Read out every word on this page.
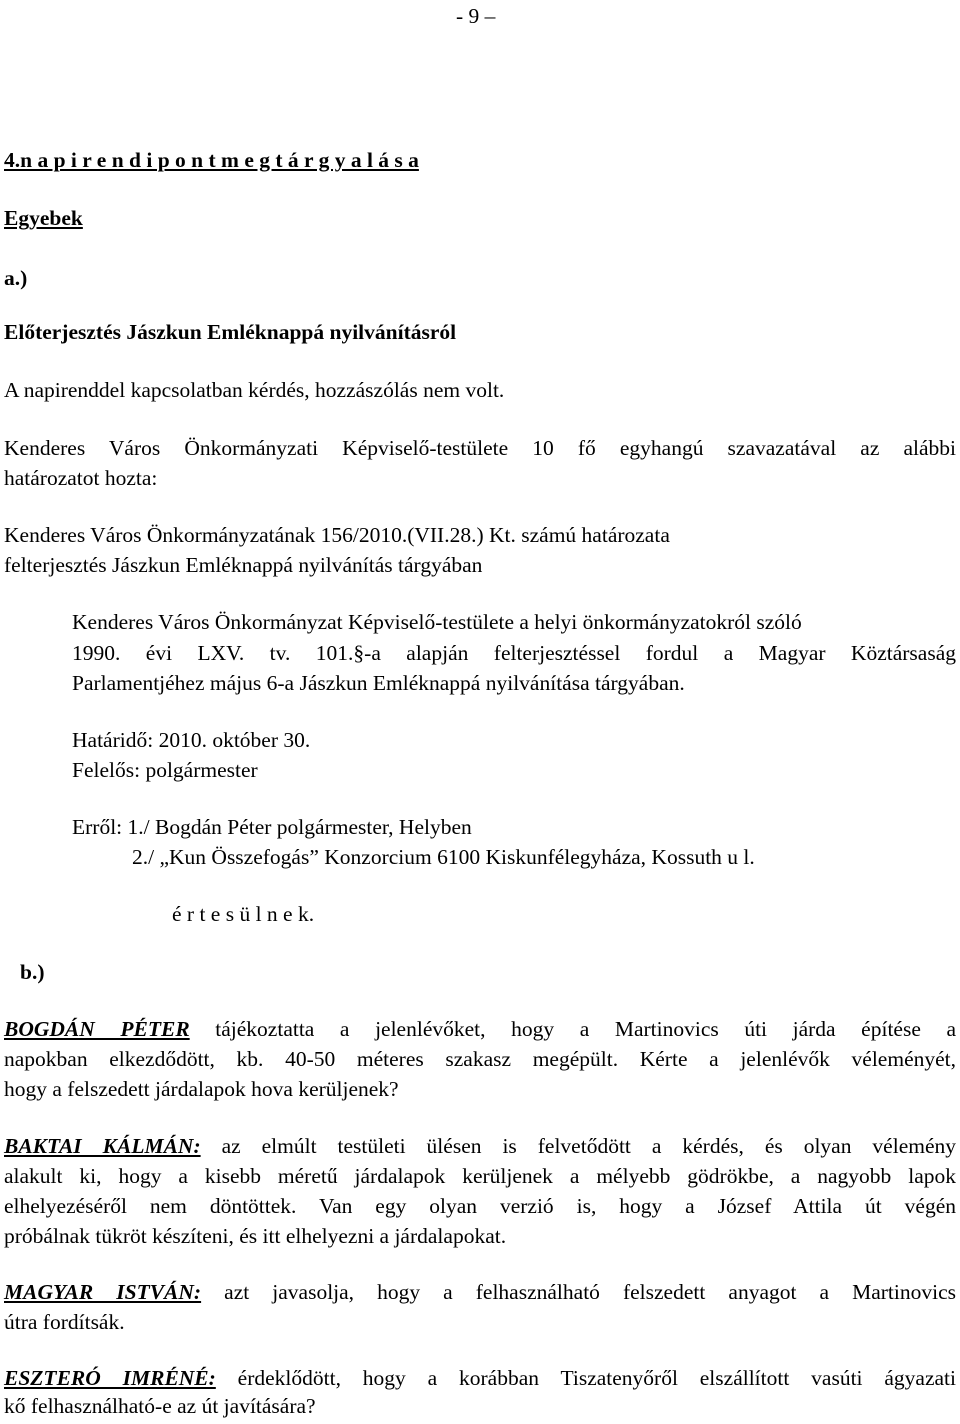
- 9 –
4.n a p i r e n d i p o n t m e g t á r g y a l á s a
Egyebek
a.)
Előterjesztés Jászkun Emléknappá nyilvánításról
A napirenddel kapcsolatban kérdés, hozzászólás nem volt.
Kenderes Város Önkormányzati Képviselő-testülete 10 fő egyhangú szavazatával az alábbi
határozatot hozta:
Kenderes Város Önkormányzatának 156/2010.(VII.28.) Kt. számú határozata
felterjesztés Jászkun Emléknappá nyilvánítás tárgyában
Kenderes Város Önkormányzat Képviselő-testülete a helyi önkormányzatokról szóló
1990. évi LXV. tv. 101.§-a alapján felterjesztéssel fordul a Magyar Köztársaság
Parlamentjéhez május 6-a Jászkun Emléknappá nyilvánítása tárgyában.
Határidő: 2010. október 30.
Felelős: polgármester
Erről: 1./ Bogdán Péter polgármester, Helyben
2./ „Kun Összefogás” Konzorcium 6100 Kiskunfélegyháza, Kossuth u l.
é r t e s ü l n e k.
b.)
BOGDÁN PÉTER tájékoztatta a jelenlévőket, hogy a Martinovics úti járda építése a
napokban elkezdődött, kb. 40-50 méteres szakasz megépült. Kérte a jelenlévők véleményét,
hogy a felszedett járdalapok hova kerüljenek?
BAKTAI KÁLMÁN: az elmúlt testületi ülésen is felvetődött a kérdés, és olyan vélemény
alakult ki, hogy a kisebb méretű járdalapok kerüljenek a mélyebb gödrökbe, a nagyobb lapok
elhelyezéséről nem döntöttek. Van egy olyan verzió is, hogy a József Attila út végén
próbálnak tükröt készíteni, és itt elhelyezni a járdalapokat.
MAGYAR ISTVÁN: azt javasolja, hogy a felhasználható felszedett anyagot a Martinovics
útra fordítsák.
ESZTERÓ IMRÉNÉ: érdeklődött, hogy a korábban Tiszatenyőről elszállított vasúti ágyazati
kő felhasználható-e az út javítására?
